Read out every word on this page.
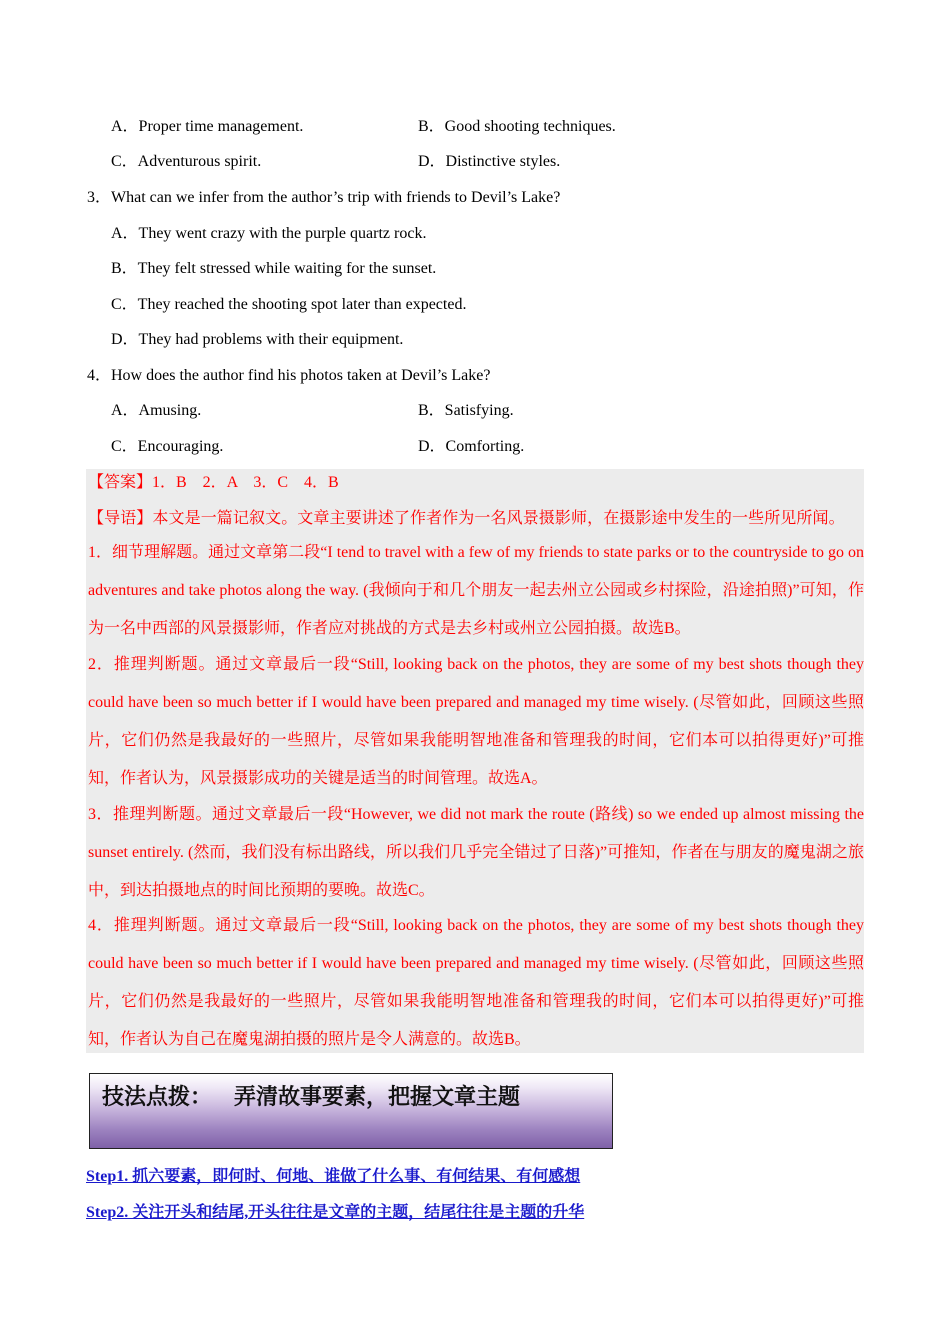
A．Proper time management.	B．Good shooting techniques.
C．Adventurous spirit.	D．Distinctive styles.
3．What can we infer from the author’s trip with friends to Devil’s Lake?
A．They went crazy with the purple quartz rock.
B．They felt stressed while waiting for the sunset.
C．They reached the shooting spot later than expected.
D．They had problems with their equipment.
4．How does the author find his photos taken at Devil’s Lake?
A．Amusing.	B．Satisfying.
C．Encouraging.	D．Comforting.
【答案】1．B　2．A　3．C　4．B
【导语】本文是一篇记叙文。文章主要讲述了作者作为一名风景摄影师，在摄影途中发生的一些所见所闻。
1．细节理解题。通过文章第二段“I tend to travel with a few of my friends to state parks or to the countryside to go on adventures and take photos along the way. (我倾向于和几个朋友一起去州立公园或乡村探险，沿途拍照)”可知，作为一名中西部的风景摄影师，作者应对挑战的方式是去乡村或州立公园拍摄。故选B。
2．推理判断题。通过文章最后一段“Still, looking back on the photos, they are some of my best shots though they could have been so much better if I would have been prepared and managed my time wisely. (尽管如此，回顾这些照片，它们仍然是我最好的一些照片，尽管如果我能明智地准备和管理我的时间，它们本可以拍得更好)”可推知，作者认为，风景摄影成功的关键是适当的时间管理。故选A。
3．推理判断题。通过文章最后一段“However, we did not mark the route (路线) so we ended up almost missing the sunset entirely. (然而，我们没有标出路线，所以我们几乎完全错过了日落)”可推知，作者在与朋友的魔鬼湖之旅中，到达拍摄地点的时间比预期的要晚。故选C。
4．推理判断题。通过文章最后一段“Still, looking back on the photos, they are some of my best shots though they could have been so much better if I would have been prepared and managed my time wisely. (尽管如此，回顾这些照片，它们仍然是我最好的一些照片，尽管如果我能明智地准备和管理我的时间，它们本可以拍得更好)”可推知，作者认为自己在魔鬼湖拍摄的照片是令人满意的。故选B。
技法点拨： 弄清故事要素，把握文章主题
Step1. 抓六要素，即何时、何地、谁做了什么事、有何结果、有何感想
Step2. 关注开头和结尾,开头往往是文章的主题，结尾往往是主题的升华
